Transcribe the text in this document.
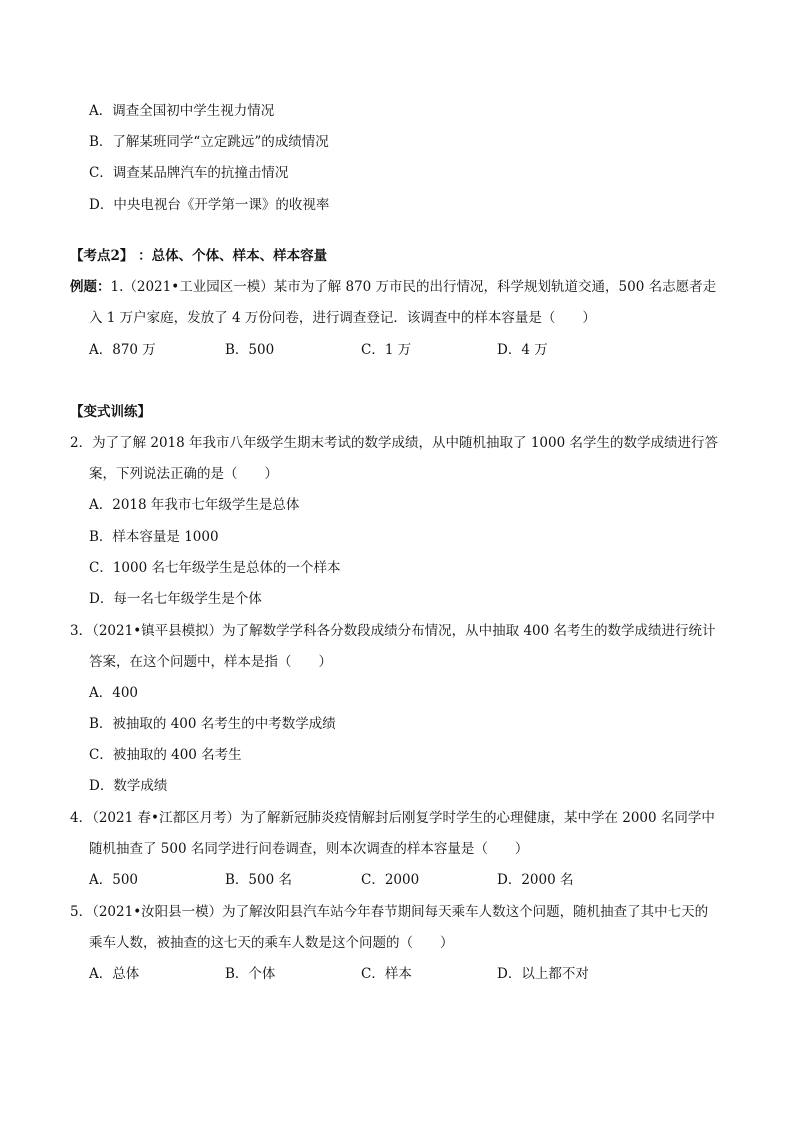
A．调查全国初中学生视力情况
B．了解某班同学“立定跳远”的成绩情况
C．调查某品牌汽车的抗撞击情况
D．中央电视台《开学第一课》的收视率
【考点2】 ：总体、个体、样本、样本容量
例题：1.（2021•工业园区一模）某市为了解 870 万市民的出行情况，科学规划轨道交通，500 名志愿者走
入 1 万户家庭，发放了 4 万份问卷，进行调查登记．该调查中的样本容量是（　　）
A．870 万	B．500	C．1 万	D．4 万
【变式训练】
2．为了了解 2018 年我市八年级学生期末考试的数学成绩，从中随机抽取了 1000 名学生的数学成绩进行答
案，下列说法正确的是（　　）
A．2018 年我市七年级学生是总体
B．样本容量是 1000
C．1000 名七年级学生是总体的一个样本
D．每一名七年级学生是个体
3．（2021•镇平县模拟）为了解数学学科各分数段成绩分布情况，从中抽取 400 名考生的数学成绩进行统计
答案，在这个问题中，样本是指（　　）
A．400
B．被抽取的 400 名考生的中考数学成绩
C．被抽取的 400 名考生
D．数学成绩
4．（2021 春•江都区月考）为了解新冠肺炎疫情解封后刚复学时学生的心理健康，某中学在 2000 名同学中
随机抽查了 500 名同学进行问卷调查，则本次调查的样本容量是（　　）
A．500	B．500 名	C．2000	D．2000 名
5．（2021•汝阳县一模）为了解汝阳县汽车站今年春节期间每天乘车人数这个问题，随机抽查了其中七天的
乘车人数，被抽查的这七天的乘车人数是这个问题的（　　）
A．总体	B．个体	C．样本	D．以上都不对
